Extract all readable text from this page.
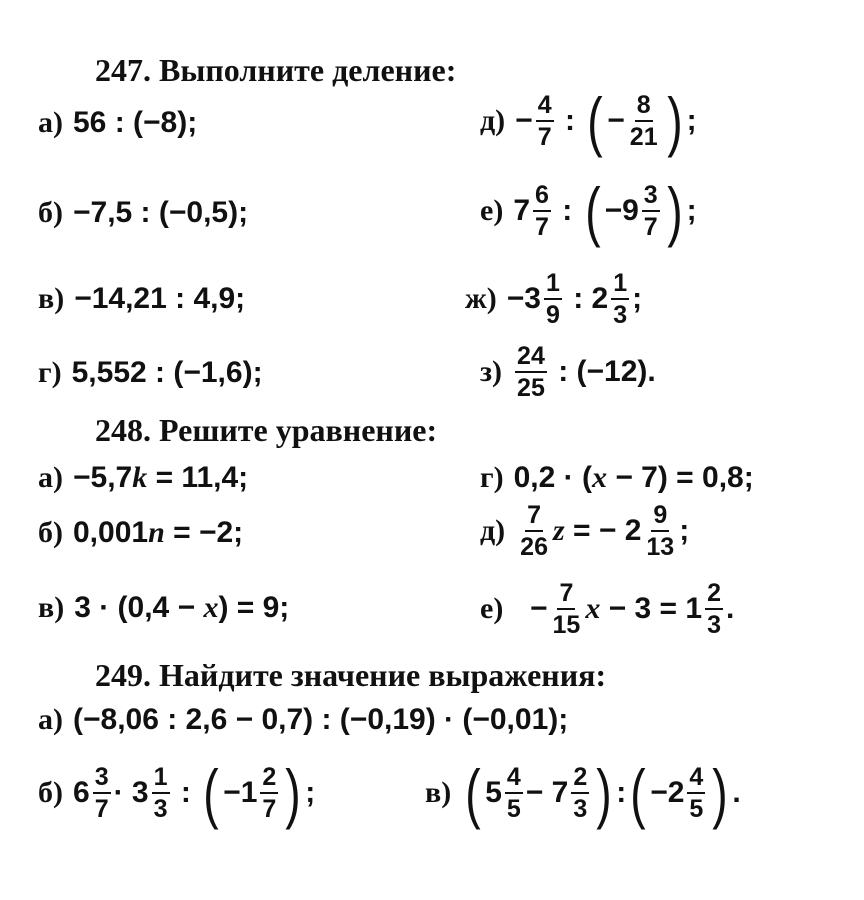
247. Выполните деление:
а) 56 : (−8);
б) −7,5 : (−0,5);
в) −14,21 : 4,9;
г) 5,552 : (−1,6);
$д) - \frac{4}{7}$ : ( − $\frac{8}{21}$ ) ;
е) $7 \frac{6}{7}$ : ( $-9 \frac{3}{7}$ ) ;
$ж) -3 \frac{1}{9}$ : $2 \frac{1}{3}$ ;
$з) \frac{24}{25}$ : (−12).
248. Решите уравнение:
а) −5,7 k = 11,4;
б) 0,001 n = −2;
в) 3 · (0,4 − x ) = 9;
г) 0,2 · ( x − 7) = 0,8;
$д) \frac{7}{26}$ z = − $2 \frac{9}{13}$ ;
$е) - \frac{7}{15}$ $x - 3 = 1 \frac{2}{3}$ .
249. Найдите значение выражения:
а) (−8,06 : 2,6 − 0,7) : (−0,19) · (−0,01);
б) $6 \frac{3}{7} \cdot 3 \frac{1}{3}$ : ( $-1 \frac{2}{7}$ ) ;	в) ( $5 \frac{4}{5} - 7 \frac{2}{3}$ ) : ( $-2 \frac{4}{5}$ ) .
